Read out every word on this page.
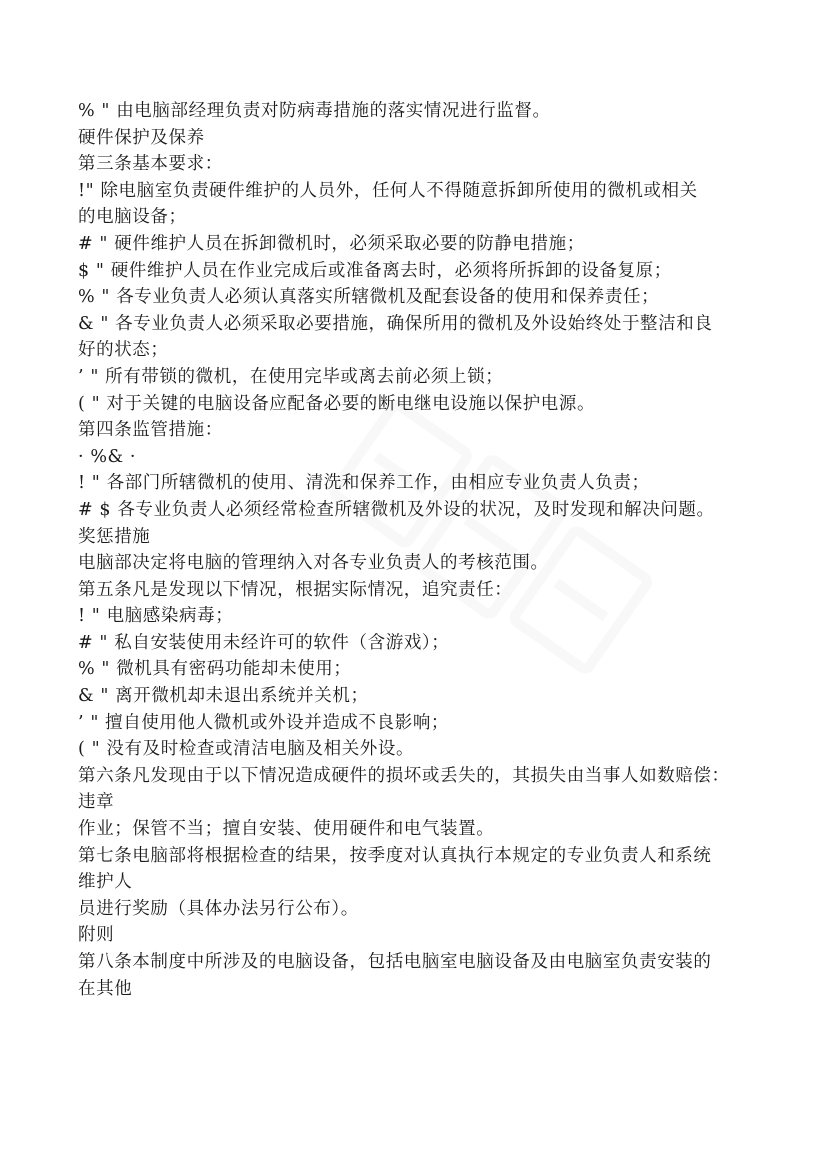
% " 由电脑部经理负责对防病毒措施的落实情况进行监督。
硬件保护及保养
第三条基本要求：
!" 除电脑室负责硬件维护的人员外，任何人不得随意拆卸所使用的微机或相关
的电脑设备；
# " 硬件维护人员在拆卸微机时，必须采取必要的防静电措施；
$ " 硬件维护人员在作业完成后或准备离去时，必须将所拆卸的设备复原；
% " 各专业负责人必须认真落实所辖微机及配套设备的使用和保养责任；
& " 各专业负责人必须采取必要措施，确保所用的微机及外设始终处于整洁和良
好的状态；
’ " 所有带锁的微机，在使用完毕或离去前必须上锁；
( " 对于关键的电脑设备应配备必要的断电继电设施以保护电源。
第四条监管措施：
· %& ·
! " 各部门所辖微机的使用、清洗和保养工作，由相应专业负责人负责；
# $ 各专业负责人必须经常检查所辖微机及外设的状况，及时发现和解决问题。
奖惩措施
电脑部决定将电脑的管理纳入对各专业负责人的考核范围。
第五条凡是发现以下情况，根据实际情况，追究责任：
! " 电脑感染病毒；
# " 私自安装使用未经许可的软件（含游戏）；
% " 微机具有密码功能却未使用；
& " 离开微机却未退出系统并关机；
’ " 擅自使用他人微机或外设并造成不良影响；
( " 没有及时检查或清洁电脑及相关外设。
第六条凡发现由于以下情况造成硬件的损坏或丢失的，其损失由当事人如数赔偿：
违章
作业；保管不当；擅自安装、使用硬件和电气装置。
第七条电脑部将根据检查的结果，按季度对认真执行本规定的专业负责人和系统
维护人
员进行奖励（具体办法另行公布）。
附则
第八条本制度中所涉及的电脑设备，包括电脑室电脑设备及由电脑室负责安装的
在其他
